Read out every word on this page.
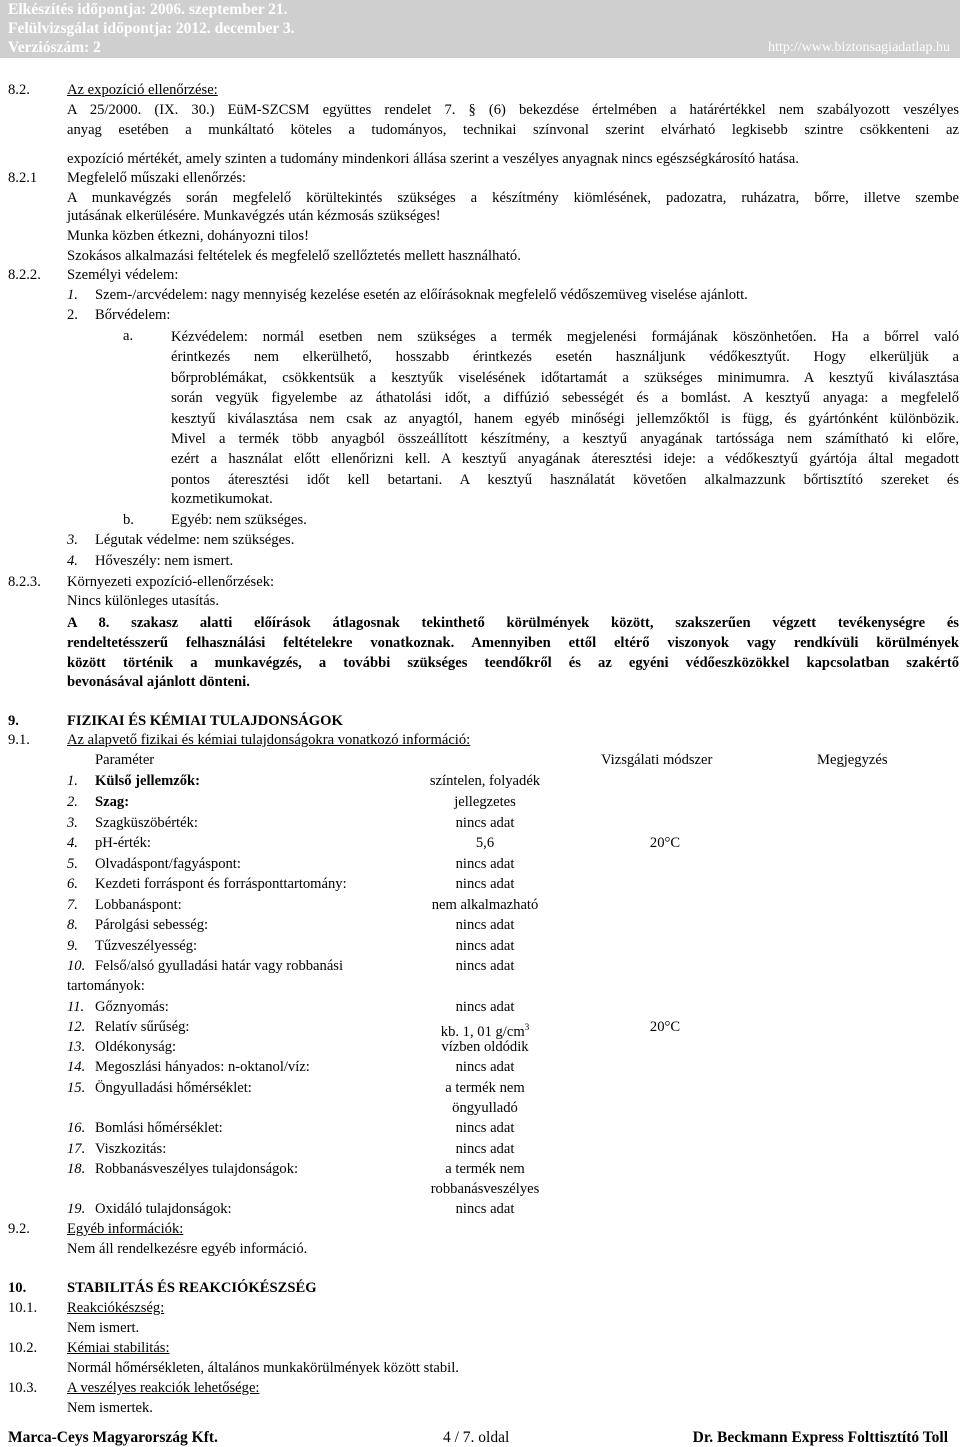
Elkészítés időpontja: 2006. szeptember 21.
Felülvizsgálat időpontja: 2012. december 3.
Verziószám: 2	http://www.biztonsagiadatlap.hu
8.2.	Az expozíció ellenőrzése:
A 25/2000. (IX. 30.) EüM-SZCSM együttes rendelet 7. § (6) bekezdése értelmében a határértékkel nem szabályozott veszélyes
anyag esetében a munkáltató köteles a tudományos, technikai színvonal szerint elvárható legkisebb szintre csökkenteni az
expozíció mértékét, amely szinten a tudomány mindenkori állása szerint a veszélyes anyagnak nincs egészségkárosító hatása.
8.2.1 Megfelelő műszaki ellenőrzés:
A munkavégzés során megfelelő körültekintés szükséges a készítmény kiömlésének, padozatra, ruházatra, bőrre, illetve szembe
jutásának elkerülésére. Munkavégzés után kézmosás szükséges!
Munka közben étkezni, dohányozni tilos!
Szokásos alkalmazási feltételek és megfelelő szellőztetés mellett használható.
8.2.2. Személyi védelem:
1. Szem-/arcvédelem: nagy mennyiség kezelése esetén az előírásoknak megfelelő védőszemüveg viselése ajánlott.
2. Bőrvédelem:
a.	Kézvédelem: normál esetben nem szükséges a termék megjelenési formájának köszönhetően. Ha a bőrrel való
érintkezés nem elkerülhető, hosszabb érintkezés esetén használjunk védőkesztyűt. Hogy elkerüljük a
bőrproblémákat, csökkentsük a kesztyűk viselésének időtartamát a szükséges minimumra. A kesztyű kiválasztása
során vegyük figyelembe az áthatolási időt, a diffúzió sebességét és a bomlást. A kesztyű anyaga: a megfelelő
kesztyű kiválasztása nem csak az anyagtól, hanem egyéb minőségi jellemzőktől is függ, és gyártónként különbözik.
Mivel a termék több anyagból összeállított készítmény, a kesztyű anyagának tartóssága nem számítható ki előre,
ezért a használat előtt ellenőrizni kell. A kesztyű anyagának áteresztési ideje: a védőkesztyű gyártója által megadott
pontos áteresztési időt kell betartani. A kesztyű használatát követően alkalmazzunk bőrtisztító szereket és
kozmetikumokat.
b.	Egyéb: nem szükséges.
3. Légutak védelme: nem szükséges.
4. Hőveszély: nem ismert.
8.2.3. Környezeti expozíció-ellenőrzések:
Nincs különleges utasítás.
A 8. szakasz alatti előírások átlagosnak tekinthető körülmények között, szakszerűen végzett tevékenységre és
rendeltetésszerű felhasználási feltételekre vonatkoznak. Amennyiben ettől eltérő viszonyok vagy rendkívüli körülmények
között történik a munkavégzés, a további szükséges teendőkről és az egyéni védőeszközökkel kapcsolatban szakértő
bevonásával ajánlott dönteni.
9.	FIZIKAI ÉS KÉMIAI TULAJDONSÁGOK
9.1.	Az alapvető fizikai és kémiai tulajdonságokra vonatkozó információ:
Paraméter	Vizsgálati módszer	Megjegyzés
1. Külső jellemzők:	színtelen, folyadék
2. Szag:	jellegzetes
3. Szagküszöbérték:	nincs adat
4. pH-érték:	5,6	20°C
5. Olvadáspont/fagyáspont:	nincs adat
6. Kezdeti forráspont és forrásponttartomány:	nincs adat
7. Lobbanáspont:	nem alkalmazható
8. Párolgási sebesség:	nincs adat
9. Tűzveszélyesség:	nincs adat
10. Felső/alsó gyulladási határ vagy robbanási	nincs adat
tartományok:
11. Gőznyomás:	nincs adat
12. Relatív sűrűség:	kb. 1, 01 $g/cm^3$	20°C
13. Oldékonyság:	vízben oldódik
14. Megoszlási hányados: n-oktanol/víz:	nincs adat
15. Öngyulladási hőmérséklet:	a termék nem
öngyulladó
16. Bomlási hőmérséklet:	nincs adat
17. Viszkozitás:	nincs adat
18. Robbanásveszélyes tulajdonságok:	a termék nem
robbanásveszélyes
19. Oxidáló tulajdonságok:	nincs adat
9.2.	Egyéb információk:
Nem áll rendelkezésre egyéb információ.
10.	STABILITÁS ÉS REAKCIÓKÉSZSÉG
10.1. Reakciókészség:
Nem ismert.
10.2. Kémiai stabilitás:
Normál hőmérsékleten, általános munkakörülmények között stabil.
10.3. A veszélyes reakciók lehetősége:
Nem ismertek.
Marca-Ceys Magyarország Kft.	4 / 7. oldal	Dr. Beckmann Express Folttisztító Toll
